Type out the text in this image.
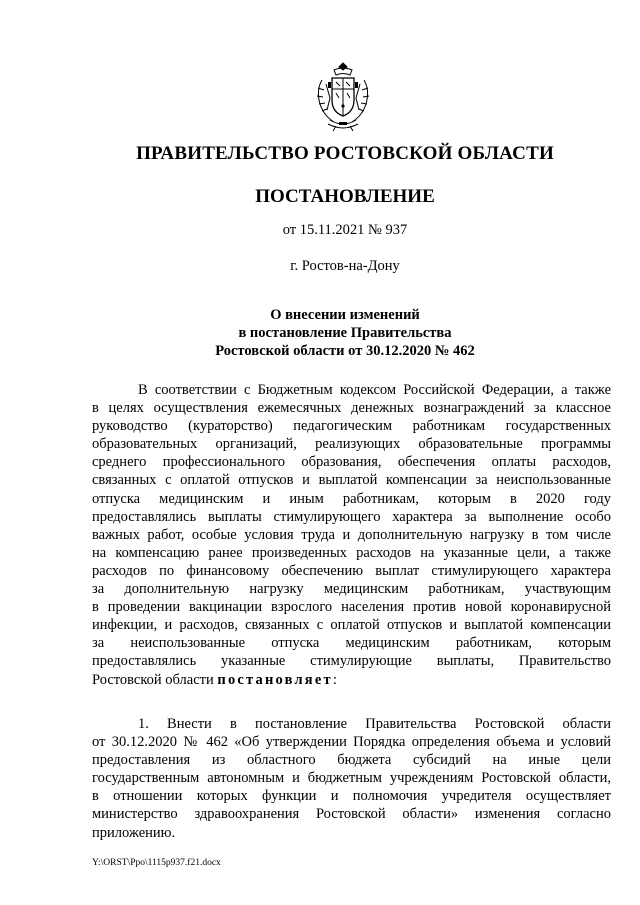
ПРАВИТЕЛЬСТВО РОСТОВСКОЙ ОБЛАСТИ
ПОСТАНОВЛЕНИЕ
от 15.11.2021 № 937
г. Ростов-на-Дону
О внесении изменений
в постановление Правительства
Ростовской области от 30.12.2020 № 462

В соответствии с Бюджетным кодексом Российской Федерации, а также
в целях осуществления ежемесячных денежных вознаграждений за классное
руководство (кураторство) педагогическим работникам государственных
образовательных организаций, реализующих образовательные программы
среднего профессионального образования, обеспечения оплаты расходов,
связанных с оплатой отпусков и выплатой компенсации за неиспользованные
отпуска медицинским и иным работникам, которым в 2020 году
предоставлялись выплаты стимулирующего характера за выполнение особо
важных работ, особые условия труда и дополнительную нагрузку в том числе
на компенсацию ранее произведенных расходов на указанные цели, а также
расходов по финансовому обеспечению выплат стимулирующего характера
за дополнительную нагрузку медицинским работникам, участвующим
в проведении вакцинации взрослого населения против новой коронавирусной
инфекции, и расходов, связанных с оплатой отпусков и выплатой компенсации
за неиспользованные отпуска медицинским работникам, которым
предоставлялись указанные стимулирующие выплаты, Правительство
Ростовской области постановляет:

1. Внести в постановление Правительства Ростовской области
от 30.12.2020 № 462 «Об утверждении Порядка определения объема и условий
предоставления из областного бюджета субсидий на иные цели
государственным автономным и бюджетным учреждениям Ростовской области,
в отношении которых функции и полномочия учредителя осуществляет
министерство здравоохранения Ростовской области» изменения согласно
приложению.

Y:\ORST\Ppo\1115p937.f21.docx
